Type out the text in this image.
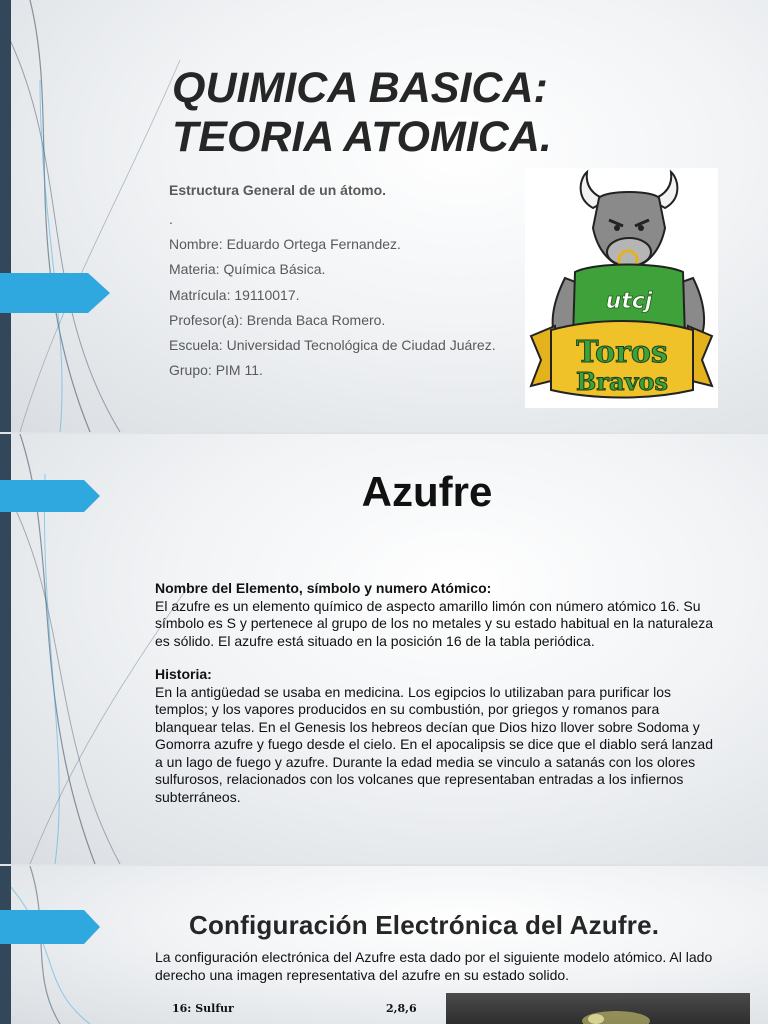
QUIMICA BASICA:
TEORIA ATOMICA.
Estructura General de un átomo.
.
Nombre: Eduardo Ortega Fernandez.
Materia: Química Básica.
Matrícula: 19110017.
Profesor(a): Brenda Baca Romero.
Escuela: Universidad Tecnológica de Ciudad Juárez.
Grupo: PIM 11.
utcj
Toros
Bravos
Azufre
Nombre del Elemento, símbolo y numero Atómico:
El azufre es un elemento químico de aspecto amarillo limón con número atómico 16. Su símbolo es S y pertenece al grupo de los no metales y su estado habitual en la naturaleza es sólido. El azufre está situado en la posición 16 de la tabla periódica.
Historia:
En la antigüedad se usaba en medicina. Los egipcios lo utilizaban para purificar los templos; y los vapores producidos en su combustión, por griegos y romanos para blanquear telas. En el Genesis los hebreos decían que Dios hizo llover sobre Sodoma y Gomorra azufre y fuego desde el cielo. En el apocalipsis se dice que el diablo será lanzad a un lago de fuego y azufre. Durante la edad media se vinculo a satanás con los olores sulfurosos, relacionados con los volcanes que representaban entradas a los infiernos subterráneos.
Configuración Electrónica del Azufre.
La configuración electrónica del Azufre esta dado por el siguiente modelo atómico. Al lado derecho una imagen representativa del azufre en su estado solido.
16: Sulfur	2,8,6
